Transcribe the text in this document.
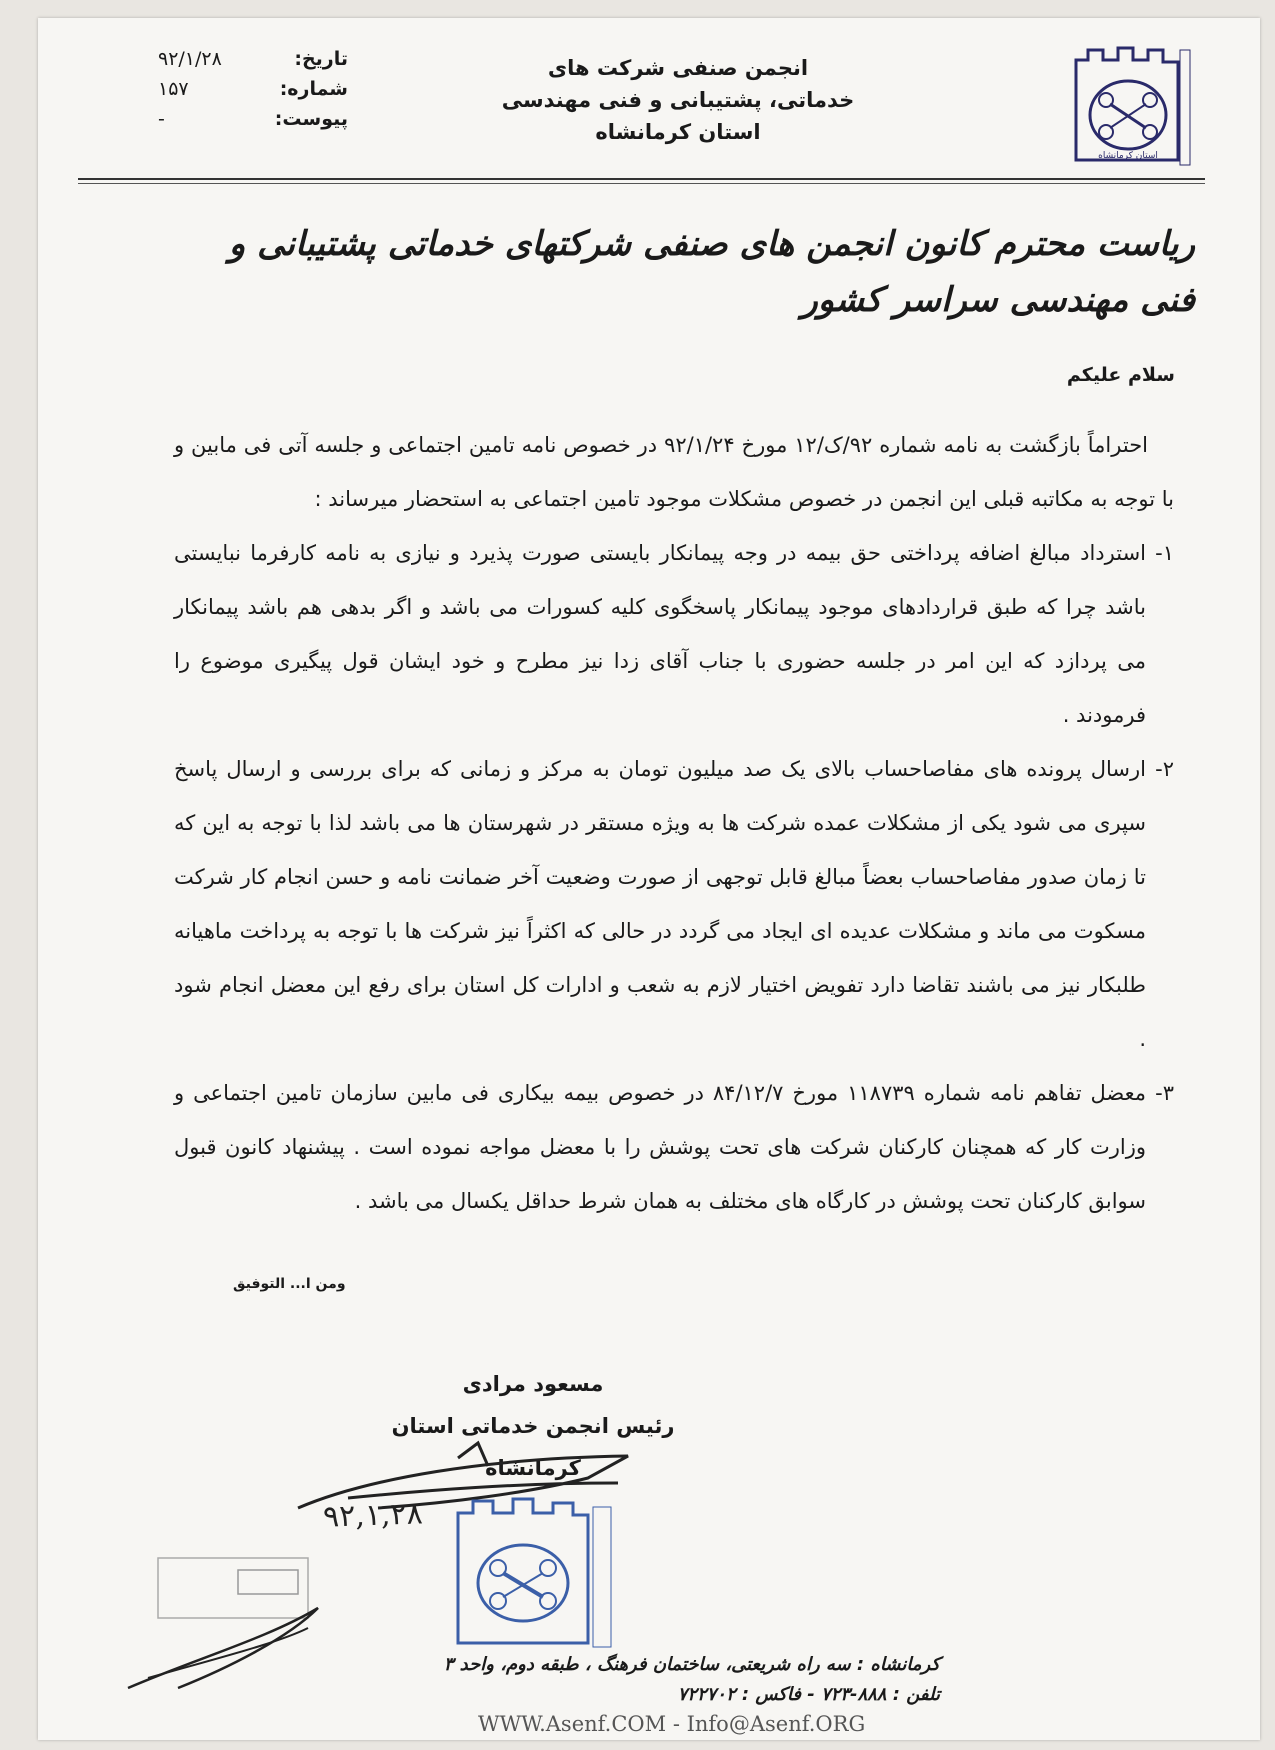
تاریخ:
۹۲/۱/۲۸
شماره:
۱۵۷
پیوست:
-
انجمن صنفی شرکت های
خدماتی، پشتیبانی و فنی مهندسی
استان کرمانشاه
استان کرمانشاه
ریاست محترم کانون انجمن های صنفی شرکتهای خدماتی پشتیبانی و فنی مهندسی سراسر کشور
سلام علیکم

احتراماً بازگشت به نامه شماره ۹۲/ک/۱۲ مورخ ۹۲/۱/۲۴ در خصوص نامه تامین اجتماعی و جلسه آتی فی مابین و با توجه به مکاتبه قبلی این انجمن در خصوص مشکلات موجود تامین اجتماعی به استحضار میرساند :

۱-
استرداد مبالغ اضافه پرداختی حق بیمه در وجه پیمانکار بایستی صورت پذیرد و نیازی به نامه کارفرما نبایستی باشد چرا که طبق قراردادهای موجود پیمانکار پاسخگوی کلیه کسورات می باشد و اگر بدهی هم باشد پیمانکار می پردازد که این امر در جلسه حضوری با جناب آقای زدا نیز مطرح و خود ایشان قول پیگیری موضوع را فرمودند .
۲-
ارسال پرونده های مفاصاحساب بالای یک صد میلیون تومان به مرکز و زمانی که برای بررسی و ارسال پاسخ سپری می شود یکی از مشکلات عمده شرکت ها به ویژه مستقر در شهرستان ها می باشد لذا با توجه به این که تا زمان صدور مفاصاحساب بعضاً مبالغ قابل توجهی از صورت وضعیت آخر ضمانت نامه و حسن انجام کار شرکت مسکوت می ماند و مشکلات عدیده ای ایجاد می گردد در حالی که اکثراً نیز شرکت ها با توجه به پرداخت ماهیانه طلبکار نیز می باشند تقاضا دارد تفویض اختیار لازم به شعب و ادارات کل استان برای رفع این معضل انجام شود .
۳-
معضل تفاهم نامه شماره ۱۱۸۷۳۹ مورخ ۸۴/۱۲/۷ در خصوص بیمه بیکاری فی مابین سازمان تامین اجتماعی و وزارت کار که همچنان کارکنان شرکت های تحت پوشش را با معضل مواجه نموده است . پیشنهاد کانون قبول سوابق کارکنان تحت پوشش در کارگاه های مختلف به همان شرط حداقل یکسال می باشد .
ومن ا... التوفیق
مسعود مرادی
رئیس انجمن خدماتی استان کرمانشاه
۹۲,۱,۲۸
کرمانشاه : سه راه شریعتی، ساختمان فرهنگ ، طبقه دوم، واحد ۳
تلفن : ۸۸۸-۷۲۳ - فاکس : ۷۲۲۷۰۲
WWW.Asenf.COM - Info@Asenf.ORG
